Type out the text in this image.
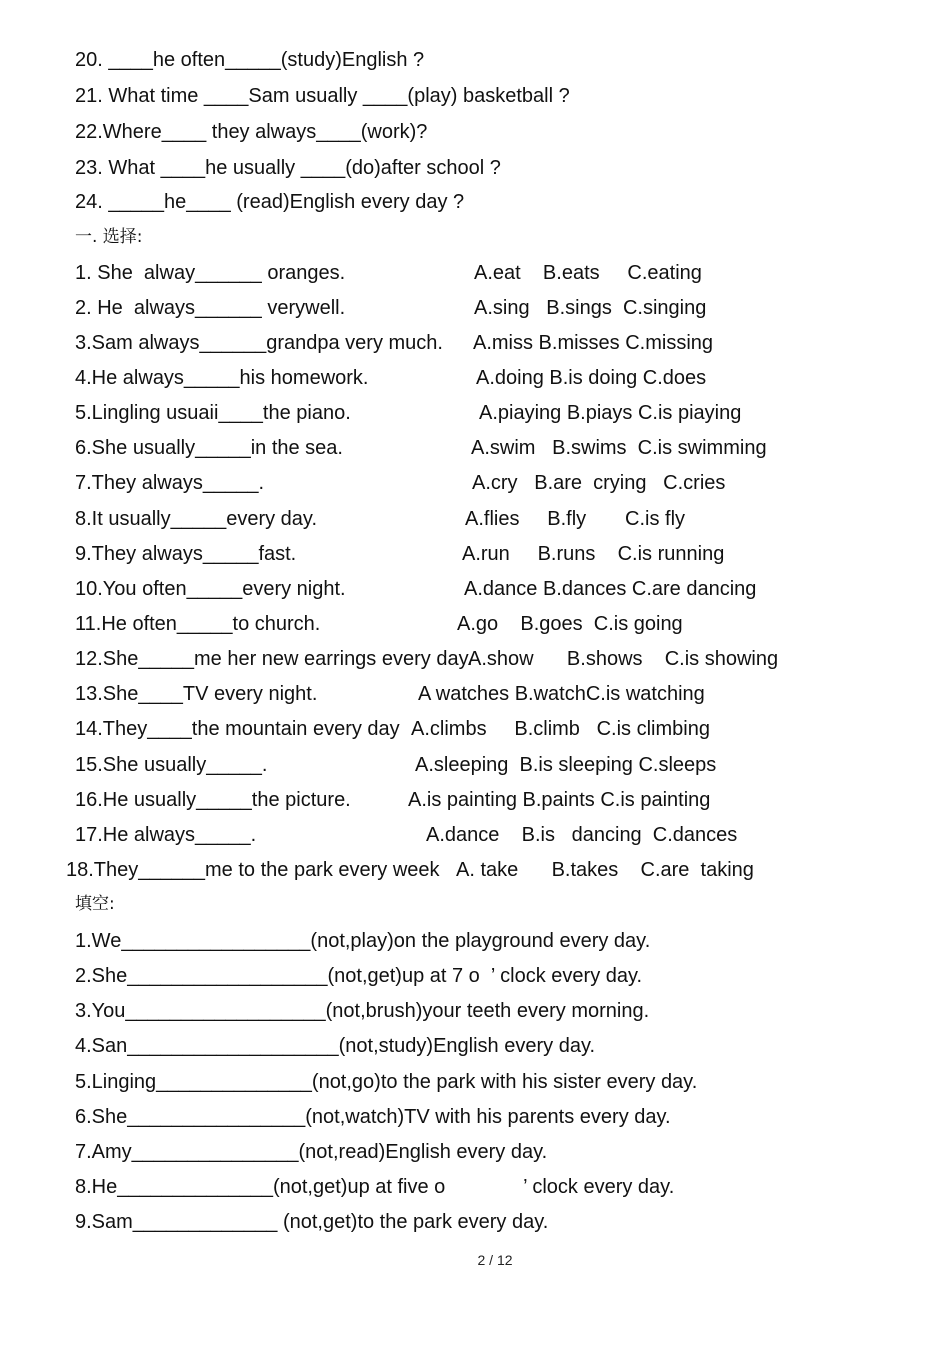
20. ____he often_____(study)English ?
21. What time ____Sam usually ____(play) basketball ?
22.Where____ they always____(work)?
23. What ____he usually ____(do)after school ?
24. _____he____ (read)English every day ?
一. 选择:
1. She  alway______ oranges.	A.eat    B.eats     C.eating
2. He  always______ verywell.	A.sing   B.sings  C.singing
3.Sam always______grandpa very much. A.miss B.misses C.missing
4.He always_____his homework.	A.doing B.is doing C.does
5.Lingling usuaii____the piano.	A.piaying B.piays C.is piaying
6.She usually_____in the sea.	A.swim   B.swims  C.is swimming
7.They always_____.	A.cry   B.are  crying   C.cries
8.It usually_____every day.	A.flies     B.fly       C.is fly
9.They always_____fast.	A.run     B.runs    C.is running
10.You often_____every night.	A.dance B.dances C.are dancing
11.He often_____to church.	A.go    B.goes  C.is going
12.She_____me her new earrings every day.
A.show      B.shows    C.is showing
13.She____TV every night.	A watches B.watchC.is watching
14.They____the mountain every day A.climbs     B.climb   C.is climbing
15.She usually_____.	A.sleeping  B.is sleeping C.sleeps
16.He usually_____the picture.	A.is painting B.paints C.is painting
17.He always_____.	A.dance    B.is   dancing  C.dances
18.They______me to the park every week A. take      B.takes    C.are  taking
填空:
1.We_________________(not,play)on the playground every day.
2.She__________________(not,get)up at 7 o  ’ clock every day.
3.You__________________(not,brush)your teeth every morning.
4.San___________________(not,study)English every day.
5.Linging______________(not,go)to the park with his sister every day.
6.She________________(not,watch)TV with his parents every day.
7.Amy_______________(not,read)English every day.
8.He______________(not,get)up at five o              ’ clock every day.
9.Sam_____________ (not,get)to the park every day.
2 / 12
